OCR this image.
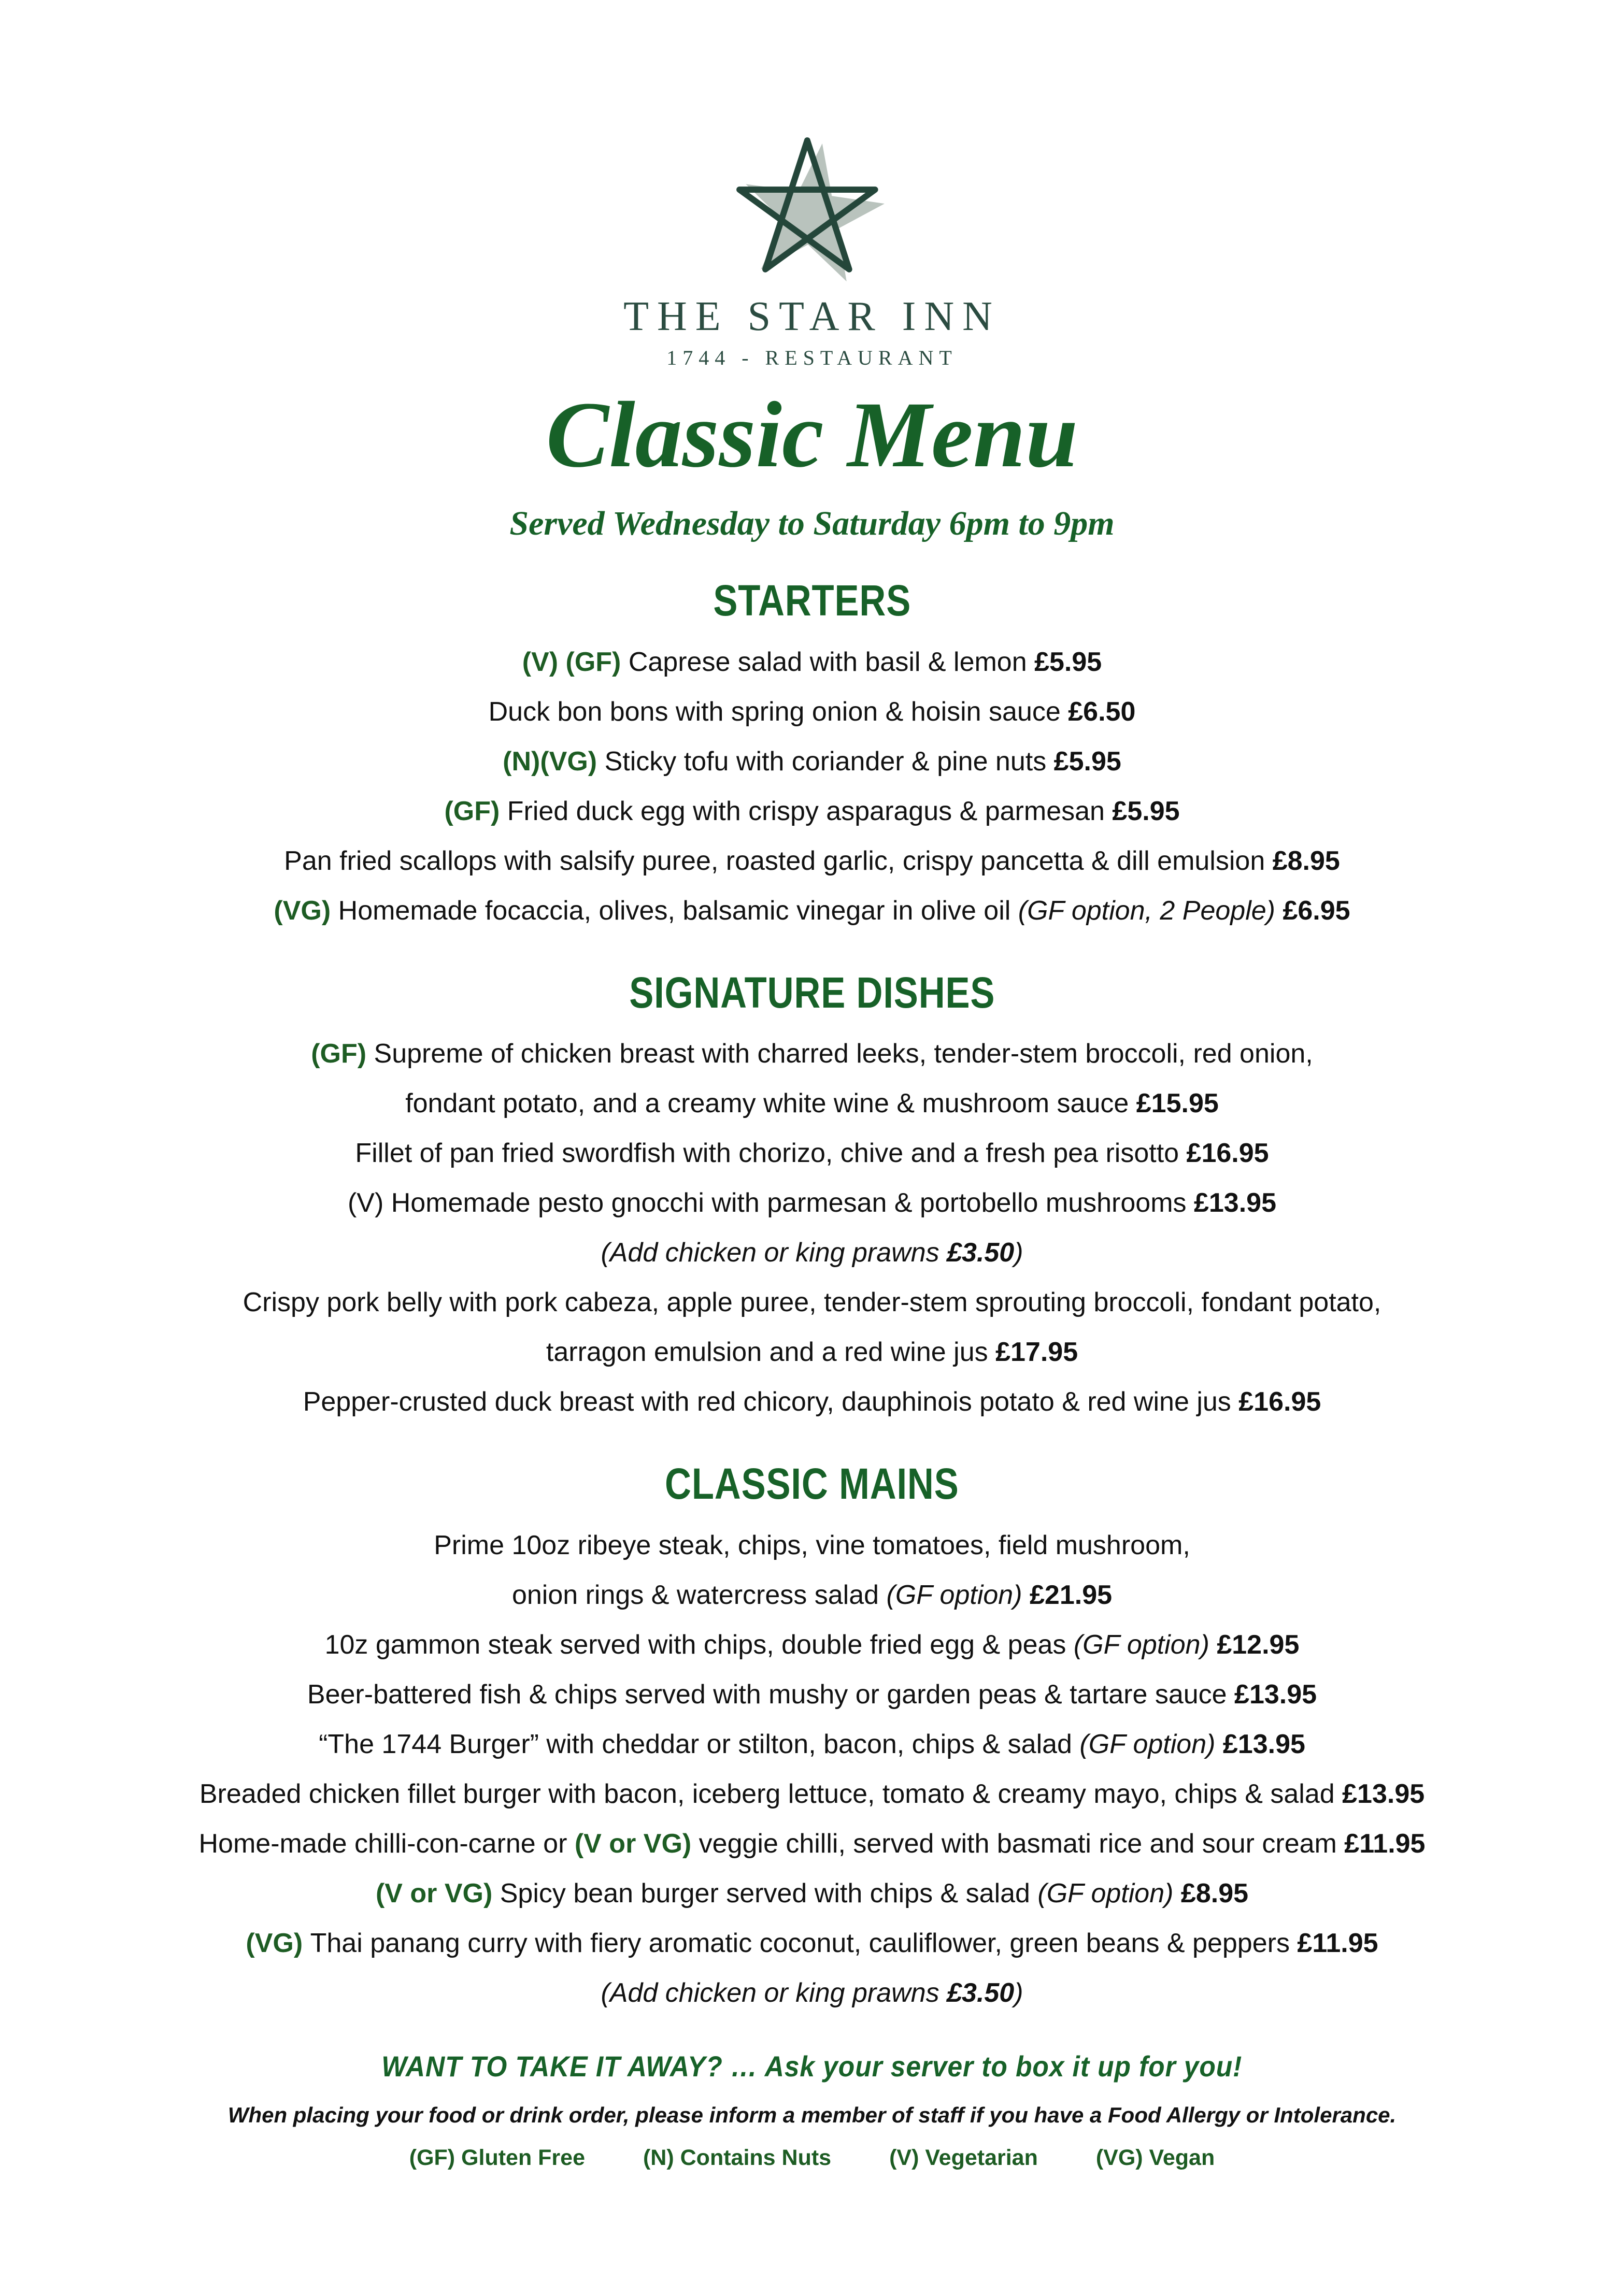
THE STAR INN
1744 - RESTAURANT
Classic Menu
Served Wednesday to Saturday 6pm to 9pm
STARTERS
(V) (GF) Caprese salad with basil & lemon £5.95
Duck bon bons with spring onion & hoisin sauce £6.50
(N)(VG) Sticky tofu with coriander & pine nuts £5.95
(GF) Fried duck egg with crispy asparagus & parmesan £5.95
Pan fried scallops with salsify puree, roasted garlic, crispy pancetta & dill emulsion £8.95
(VG) Homemade focaccia, olives, balsamic vinegar in olive oil (GF option, 2 People) £6.95
SIGNATURE DISHES
(GF) Supreme of chicken breast with charred leeks, tender-stem broccoli, red onion,
fondant potato, and a creamy white wine & mushroom sauce £15.95
Fillet of pan fried swordfish with chorizo, chive and a fresh pea risotto £16.95
(V) Homemade pesto gnocchi with parmesan & portobello mushrooms £13.95
(Add chicken or king prawns £3.50)
Crispy pork belly with pork cabeza, apple puree, tender-stem sprouting broccoli, fondant potato,
tarragon emulsion and a red wine jus £17.95
Pepper-crusted duck breast with red chicory, dauphinois potato & red wine jus £16.95
CLASSIC MAINS
Prime 10oz ribeye steak, chips, vine tomatoes, field mushroom,
onion rings & watercress salad (GF option) £21.95
10z gammon steak served with chips, double fried egg & peas (GF option) £12.95
Beer-battered fish & chips served with mushy or garden peas & tartare sauce £13.95
“The 1744 Burger” with cheddar or stilton, bacon, chips & salad (GF option) £13.95
Breaded chicken fillet burger with bacon, iceberg lettuce, tomato & creamy mayo, chips & salad £13.95
Home-made chilli-con-carne or (V or VG) veggie chilli, served with basmati rice and sour cream £11.95
(V or VG) Spicy bean burger served with chips & salad (GF option) £8.95
(VG) Thai panang curry with fiery aromatic coconut, cauliflower, green beans & peppers £11.95
(Add chicken or king prawns £3.50)
WANT TO TAKE IT AWAY? … Ask your server to box it up for you!
When placing your food or drink order, please inform a member of staff if you have a Food Allergy or Intolerance.
(GF) Gluten Free	(N) Contains Nuts	(V) Vegetarian	(VG) Vegan
